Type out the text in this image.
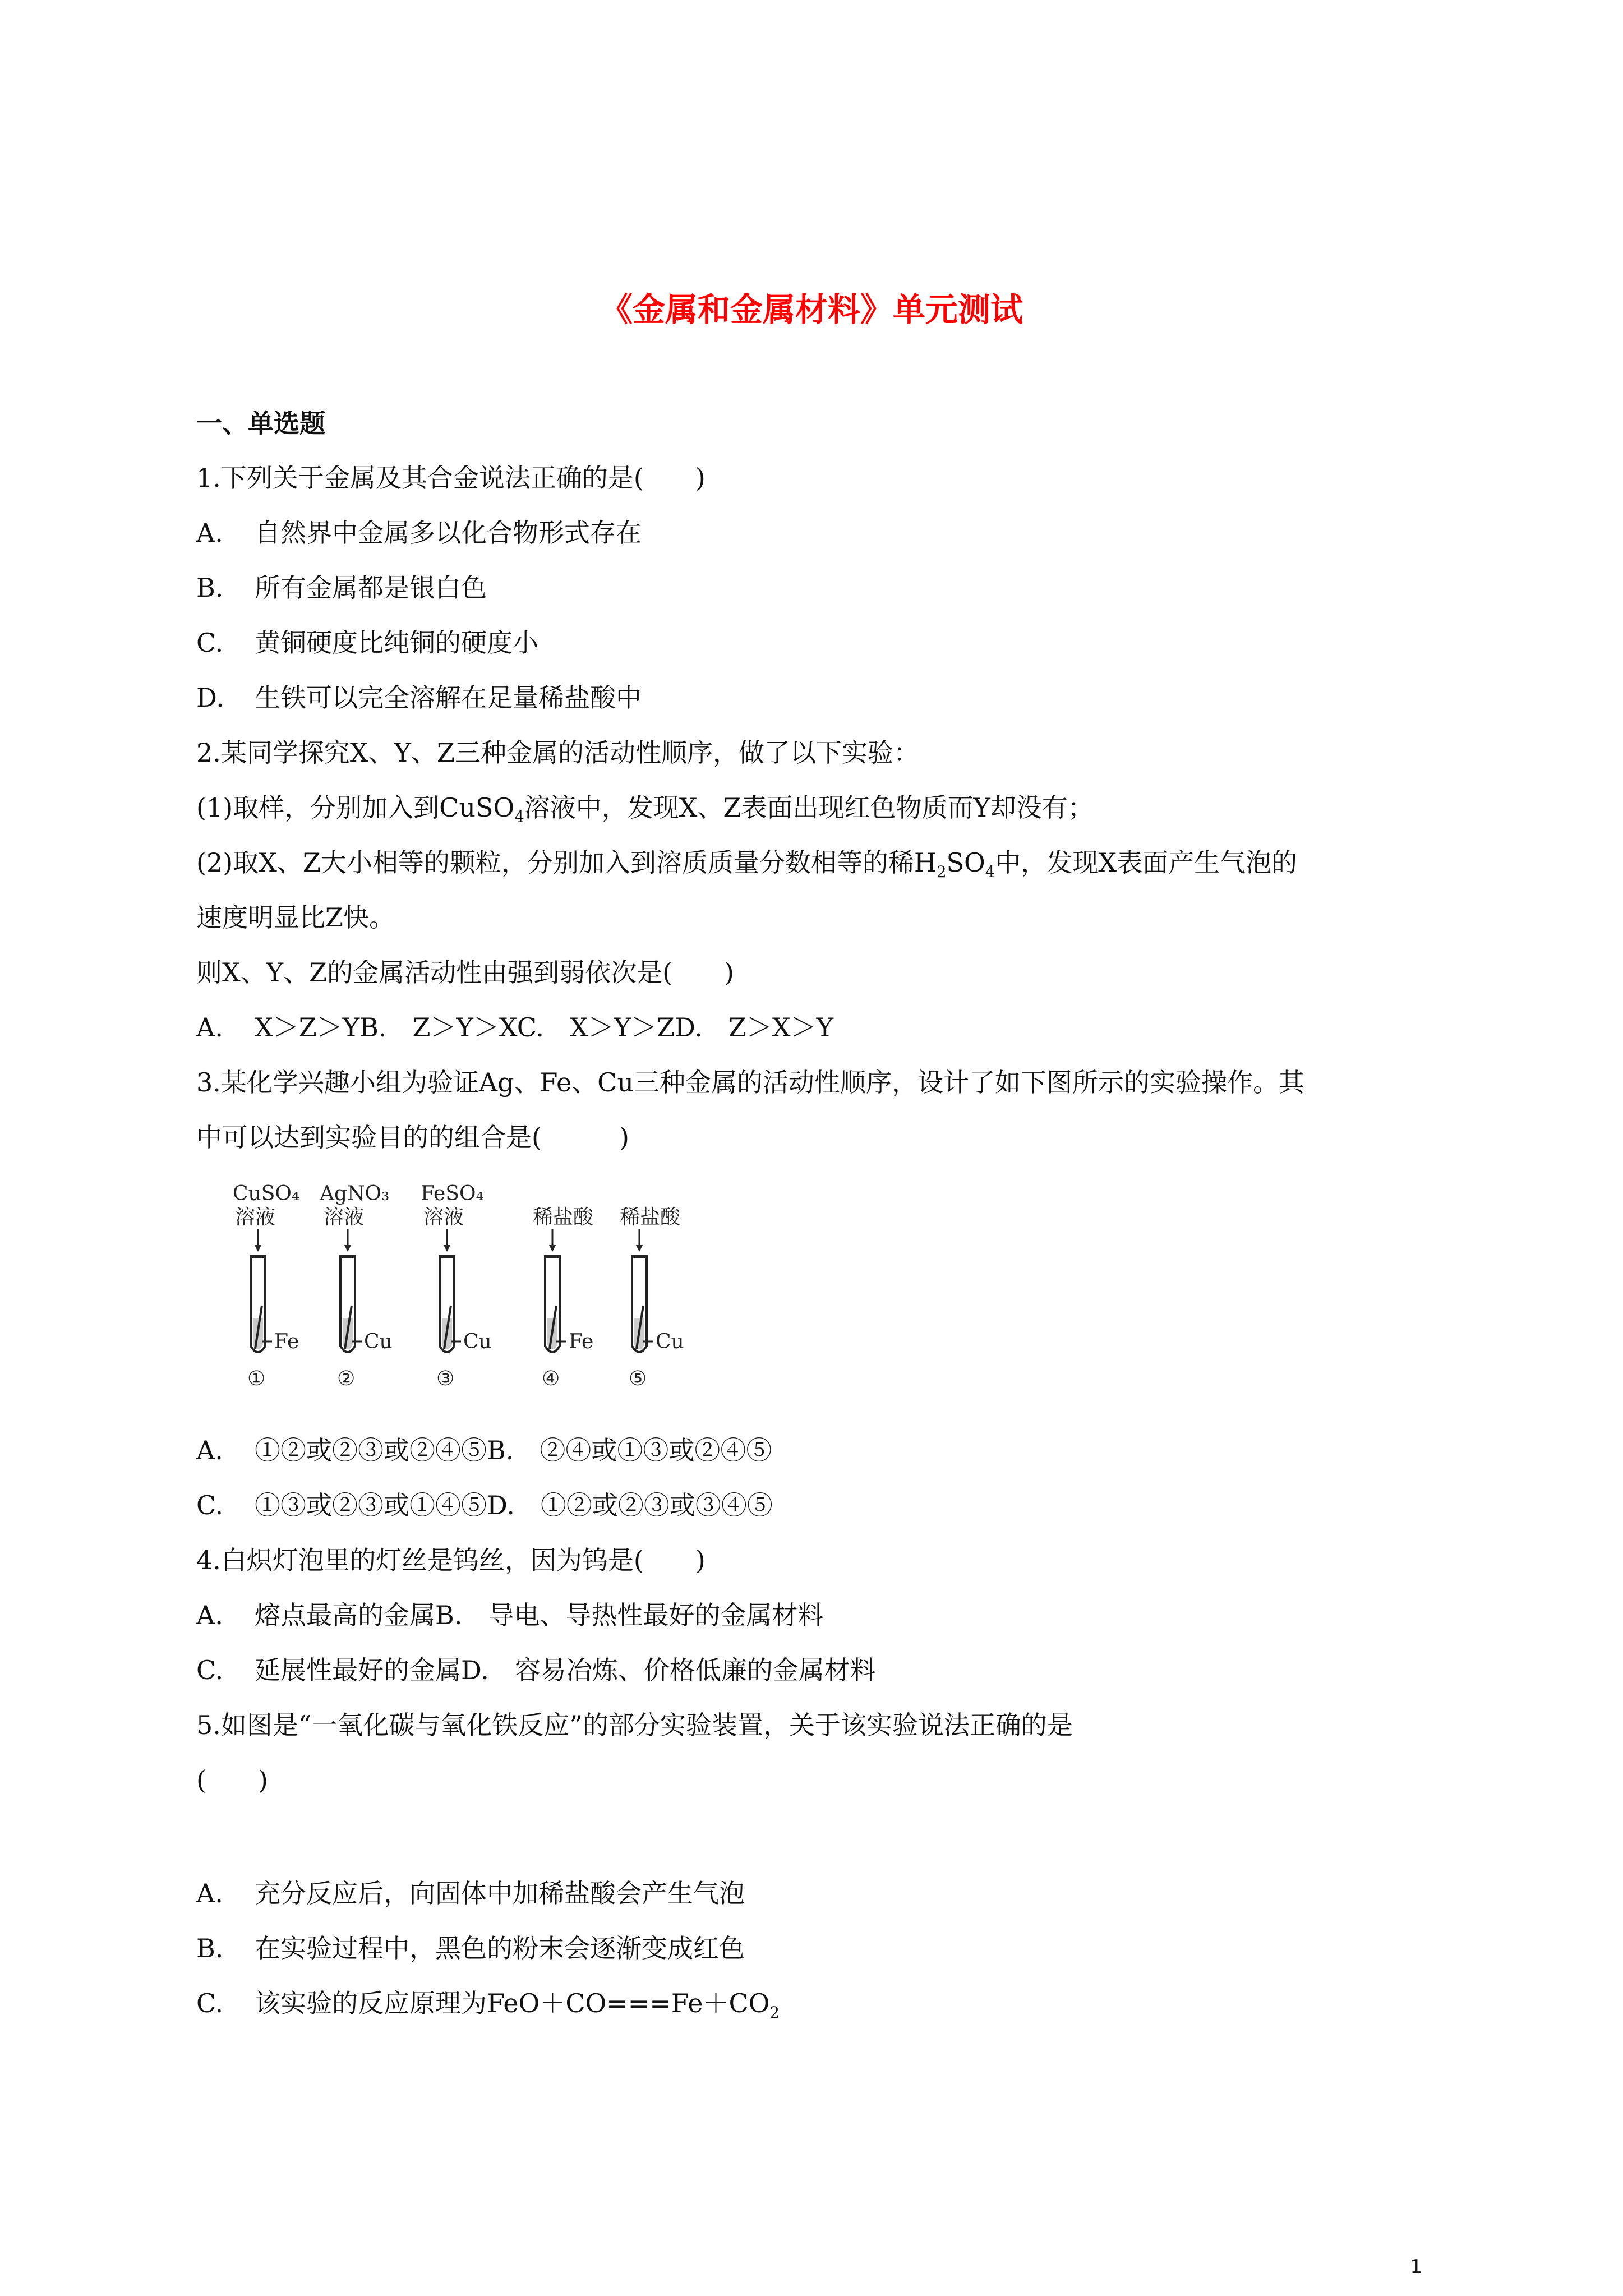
《金属和金属材料》单元测试
一、单选题
1.下列关于金属及其合金说法正确的是(　　)
A. 自然界中金属多以化合物形式存在
B. 所有金属都是银白色
C. 黄铜硬度比纯铜的硬度小
D. 生铁可以完全溶解在足量稀盐酸中
2.某同学探究X、Y、Z三种金属的活动性顺序，做了以下实验：
(1)取样，分别加入到CuSO$_4$溶液中，发现X、Z表面出现红色物质而Y却没有；
(2)取X、Z大小相等的颗粒，分别加入到溶质质量分数相等的稀$H_2SO_4$中，发现X表面产生气泡的
速度明显比Z快。
则X、Y、Z的金属活动性由强到弱依次是(　　)
A. X＞Z＞YB.　Z＞Y＞XC.　X＞Y＞ZD.　Z＞X＞Y
3.某化学兴趣小组为验证Ag、Fe、Cu三种金属的活动性顺序，设计了如下图所示的实验操作。其
中可以达到实验目的的组合是(　　　)
CuSO₄
溶液
Fe
①
AgNO₃
溶液
Cu
②
FeSO₄
溶液
Cu
③
稀盐酸
Fe
④
稀盐酸
Cu
⑤
A. ①②或②③或②④⑤B.　②④或①③或②④⑤
C. ①③或②③或①④⑤D.　①②或②③或③④⑤
4.白炽灯泡里的灯丝是钨丝，因为钨是(　　)
A. 熔点最高的金属B.　导电、导热性最好的金属材料
C. 延展性最好的金属D.　容易冶炼、价格低廉的金属材料
5.如图是“一氧化碳与氧化铁反应”的部分实验装置，关于该实验说法正确的是
(　　)
A. 充分反应后，向固体中加稀盐酸会产生气泡
B. 在实验过程中，黑色的粉末会逐渐变成红色
C. 该实验的反应原理为$FeO+CO===Fe+CO_2$
1
